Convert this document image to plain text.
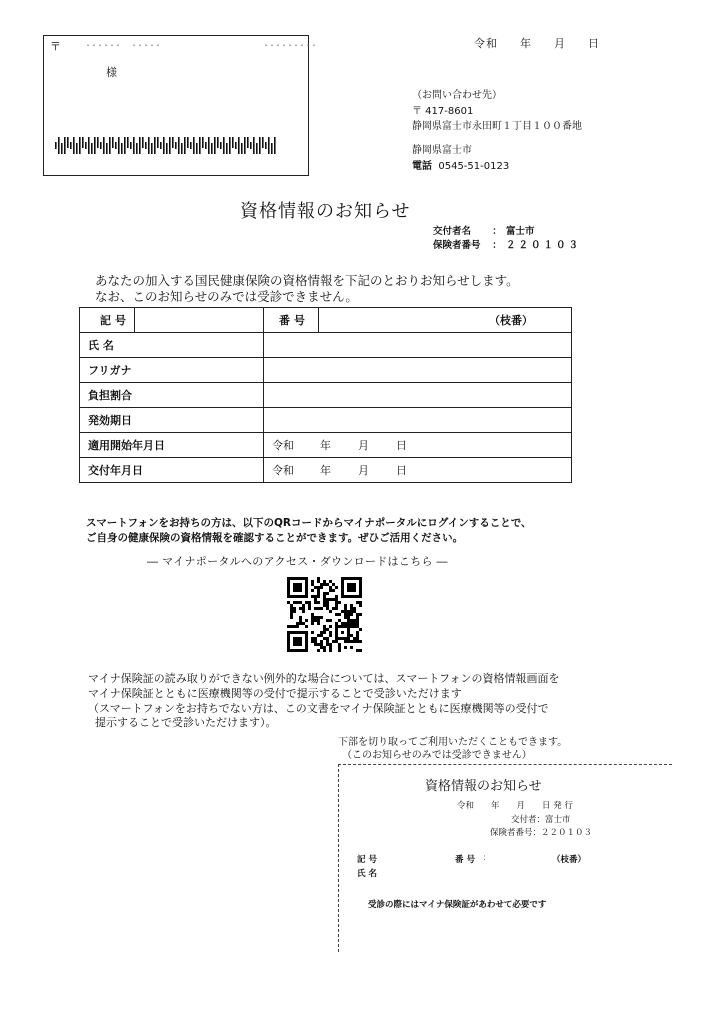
〒	･･････ ･････	･････････
様
令和 年 月 日
（お問い合わせ先）
〒 417-8601
静岡県富士市永田町１丁目１００番地
静岡県富士市
電話 0545-51-0123
資格情報のお知らせ
交付者名 ： 富士市
保険者番号 ： ２２０１０３
あなたの加入する国民健康保険の資格情報を下記のとおりお知らせします。
なお、このお知らせのみでは受診できません。
記 号		番 号	（枝番）
氏 名			
フリガナ			
負担割合			
発効期日			
適用開始年月日		令和 年 月 日	
交付年月日		令和 年 月 日	
スマートフォンをお持ちの方は、以下のQRコードからマイナポータルにログインすることで、
ご自身の健康保険の資格情報を確認することができます。ぜひご活用ください。
― マイナポータルへのアクセス・ダウンロードはこちら ―
マイナ保険証の読み取りができない例外的な場合については、スマートフォンの資格情報画面を
マイナ保険証とともに医療機関等の受付で提示することで受診いただけます
（スマートフォンをお持ちでない方は、この文書をマイナ保険証とともに医療機関等の受付で
提示することで受診いただけます）。
下部を切り取ってご利用いただくこともできます。
（このお知らせのみでは受診できません）
資格情報のお知らせ
令和　　年　　月　　日 発 行
交付者：富士市
保険者番号：２２０１０３
記 号	番 号 :	（枝番）
氏 名
受診の際にはマイナ保険証があわせて必要です
